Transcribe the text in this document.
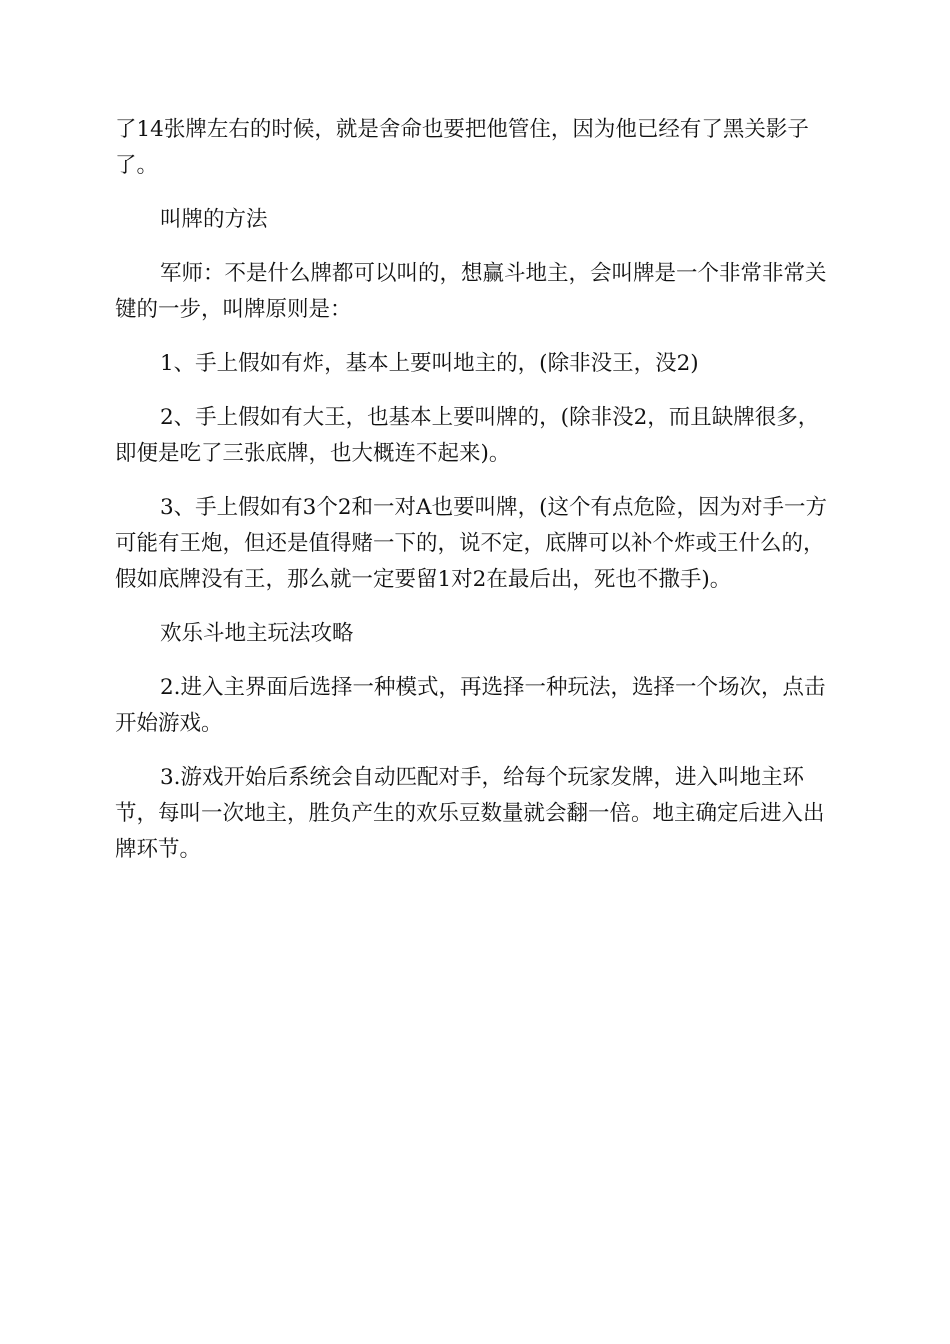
了14张牌左右的时候，就是舍命也要把他管住，因为他已经有了黑关影子了。

叫牌的方法

军师：不是什么牌都可以叫的，想赢斗地主，会叫牌是一个非常非常关键的一步，叫牌原则是：

1、手上假如有炸，基本上要叫地主的，(除非没王，没2)

2、手上假如有大王，也基本上要叫牌的，(除非没2，而且缺牌很多，即便是吃了三张底牌，也大概连不起来)。

3、手上假如有3个2和一对A也要叫牌，(这个有点危险，因为对手一方可能有王炮，但还是值得赌一下的，说不定，底牌可以补个炸或王什么的，假如底牌没有王，那么就一定要留1对2在最后出，死也不撒手)。

欢乐斗地主玩法攻略

2.进入主界面后选择一种模式，再选择一种玩法，选择一个场次，点击开始游戏。

3.游戏开始后系统会自动匹配对手，给每个玩家发牌，进入叫地主环节，每叫一次地主，胜负产生的欢乐豆数量就会翻一倍。地主确定后进入出牌环节。
